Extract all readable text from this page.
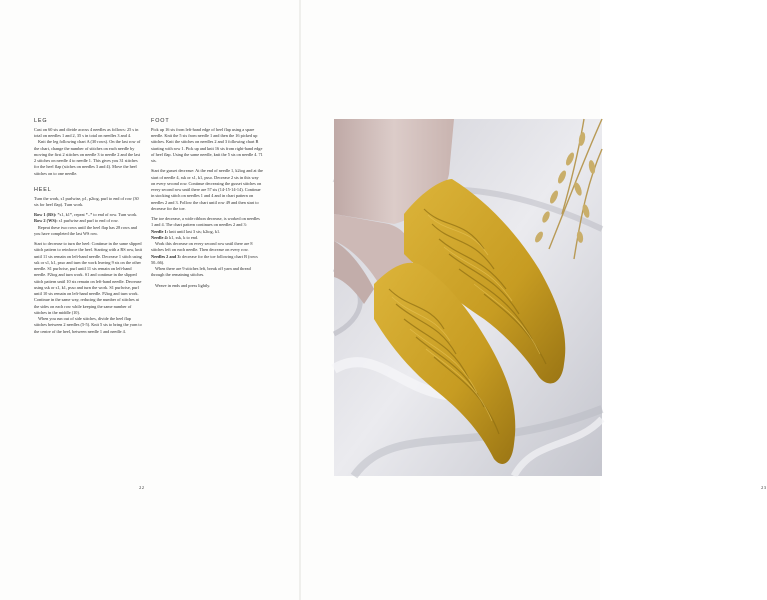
LEG

Cast on 60 sts and divide across 4 needles as follows: 25 s in total on needles 1 and 2, 35 s in total on needles 3 and 4.

Knit the leg following chart A (30 rows). On the last row of the chart, change the number of stitches on each needle by moving the first 2 stitches on needle 3 to needle 2 and the last 2 stitches on needle 4 to needle 1. This gives you 31 stitches for the heel flap (stiches on needles 3 and 4). Move the heel stitches on to one needle.

HEEL

Turn the work, s1 purlwise, p1, p2tog, purl to end of row (30 sts for heel flap). Turn work.

Row 1 (RS): *s1, k1*, repeat *–* to end of row. Turn work.

Row 2 (WS): s1 purlwise and purl to end of row.

Repeat these two rows until the heel flap has 28 rows and you have completed the last WS row.

Start to decrease to turn the heel: Continue in the same slipped stitch pattern to reinforce the heel. Starting with a RS row, knit until 11 sts remain on left-hand needle. Decrease 1 stitch using ssk or s1, k1, psso and turn the work leaving 9 sts on the other needle. S1 purlwise, purl until 11 sts remain on left-hand needle. P2tog and turn work. S1 and continue in the slipped stitch pattern until 10 sts remain on left-hand needle. Decrease using ssk or s1, k1, psso and turn the work. S1 purlwise, purl until 10 sts remain on left-hand needle. P2tog and turn work. Continue in the same way, reducing the number of stitches at the sides on each row while keeping the same number of stitches in the middle (10).

When you run out of side stitches, divide the heel flap stitches between 2 needles (5-5). Knit 5 sts to bring the yarn to the centre of the heel, between needle 1 and needle 4.

FOOT

Pick up 16 sts from left-hand edge of heel flap using a spare needle. Knit the 5 sts from needle 1 and then the 16 picked up stitches. Knit the stitches on needles 2 and 3 following chart B starting with row 1. Pick up and knit 16 sts from right-hand edge of heel flap. Using the same needle, knit the 5 sts on needle 4. 71 sts.

Start the gusset decrease: At the end of needle 1, k2tog and at the start of needle 4, ssk or s1, k1, psso. Decrease 2 sts in this way on every second row. Continue decreasing the gusset stitches on every second row until there are 57 sts (14-15-14-14). Continue in stocking stitch on needles 1 and 4 and in chart pattern on needles 2 and 3. Follow the chart until row 49 and then start to decrease for the toe.

The toe decrease, a wide ribbon decrease, is worked on needles 1 and 4. The chart pattern continues on needles 2 and 3:

Needle 1: knit until last 3 sts; k2tog, k1.

Needle 4: k1, ssk, k to end.

Work this decrease on every second row until there are 8 stitches left on each needle. Then decrease on every row.

Needles 2 and 3: decrease for the toe following chart B (rows 50–66).

When there are 9 stitches left, break off yarn and thread through the remaining stitches.

Weave in ends and press lightly.

22	23
